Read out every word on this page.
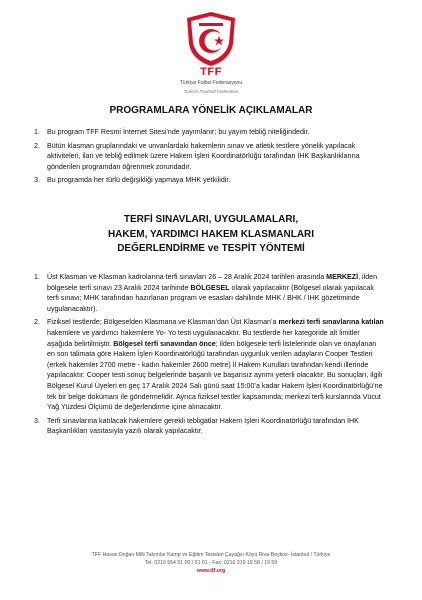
TFF
Türkiye Futbol Federasyonu
Turkish Football Federation
PROGRAMLARA YÖNELİK AÇIKLAMALAR
1. Bu program TFF Resmi İnternet Sitesi’nde yayımlanır; bu yayım tebliğ niteliğindedir.
2. Bütün klasman gruplarındaki ve unvanlardaki hakemlerin sınav ve atletik testlere yönelik yapılacak aktiviteleri, ilan ve tebliğ edilmek üzere Hakem İşleri Koordinatörlüğü tarafından İHK Başkanlıklarına gönderilen programdan öğrenmek zorundadır.
3. Bu programda her türlü değişikliği yapmaya MHK yetkilidir.
TERFİ SINAVLARI, UYGULAMALARI,
HAKEM, YARDIMCI HAKEM KLASMANLARI
DEĞERLENDİRME ve TESPİT YÖNTEMİ
1. Üst Klasman ve Klasman kadrolarına terfi sınavları 26 – 28 Aralık 2024 tarihleri arasında MERKEZİ, ilden bölgesele terfi sınavı 23 Aralık 2024 tarihinde BÖLGESEL olarak yapılacaktır (Bölgesel olarak yapılacak terfi sınavı; MHK tarafından hazırlanan program ve esasları dahilinde MHK / BHK / İHK gözetiminde uygulanacaktır).
2. Fiziksel testlerde; Bölgeselden Klasmana ve Klasman’dan Üst Klasman’a merkezi terfi sınavlarına katılan hakemlere ve yardımcı hakemlere Yo- Yo testi uygulanacaktır. Bu testlerde her kategoride alt limitler aşağıda belirtilmiştir. Bölgesel terfi sınavından önce; ilden bölgesele terfi listelerinde olan ve onaylanan en son talimata göre Hakem İşleri Koordinatörlüğü tarafından uygunluk verilen adayların Cooper Testleri (erkek hakemler 2700 metre - kadın hakemler 2600 metre) İl Hakem Kurulları tarafından kendi illerinde yapılacaktır. Cooper testi sonuç belgelerinde başarılı ve başarısız ayrımı yeterli olacaktır. Bu sonuçları, ilgili Bölgesel Kurul Üyeleri en geç 17 Aralık 2024 Salı günü saat 15:00’a kadar Hakem İşleri Koordinatörlüğü’ne tek bir belge dokümanı ile göndermelidir. Ayrıca fiziksel testler kapsamında; merkezi terfi kurslarında Vücut Yağ Yüzdesi Ölçümü de değerlendirme içine alınacaktır.
3. Terfi sınavlarına katılacak hakemlere gerekli tebligatlar Hakem İşleri Koordinatörlüğü tarafından İHK Başkanlıkları vasıtasıyla yazılı olarak yapılacaktır.
TFF Hasan Doğan Milli Takımlar Kamp ve Eğitim Tesisleri Çayağzı Köyü Riva-Beykoz- İstanbul / Türkiye
Tel: 0216 554 51 00 / 51 01 - Fax: 0216 319 19 58 / 19 59
www.tff.org
